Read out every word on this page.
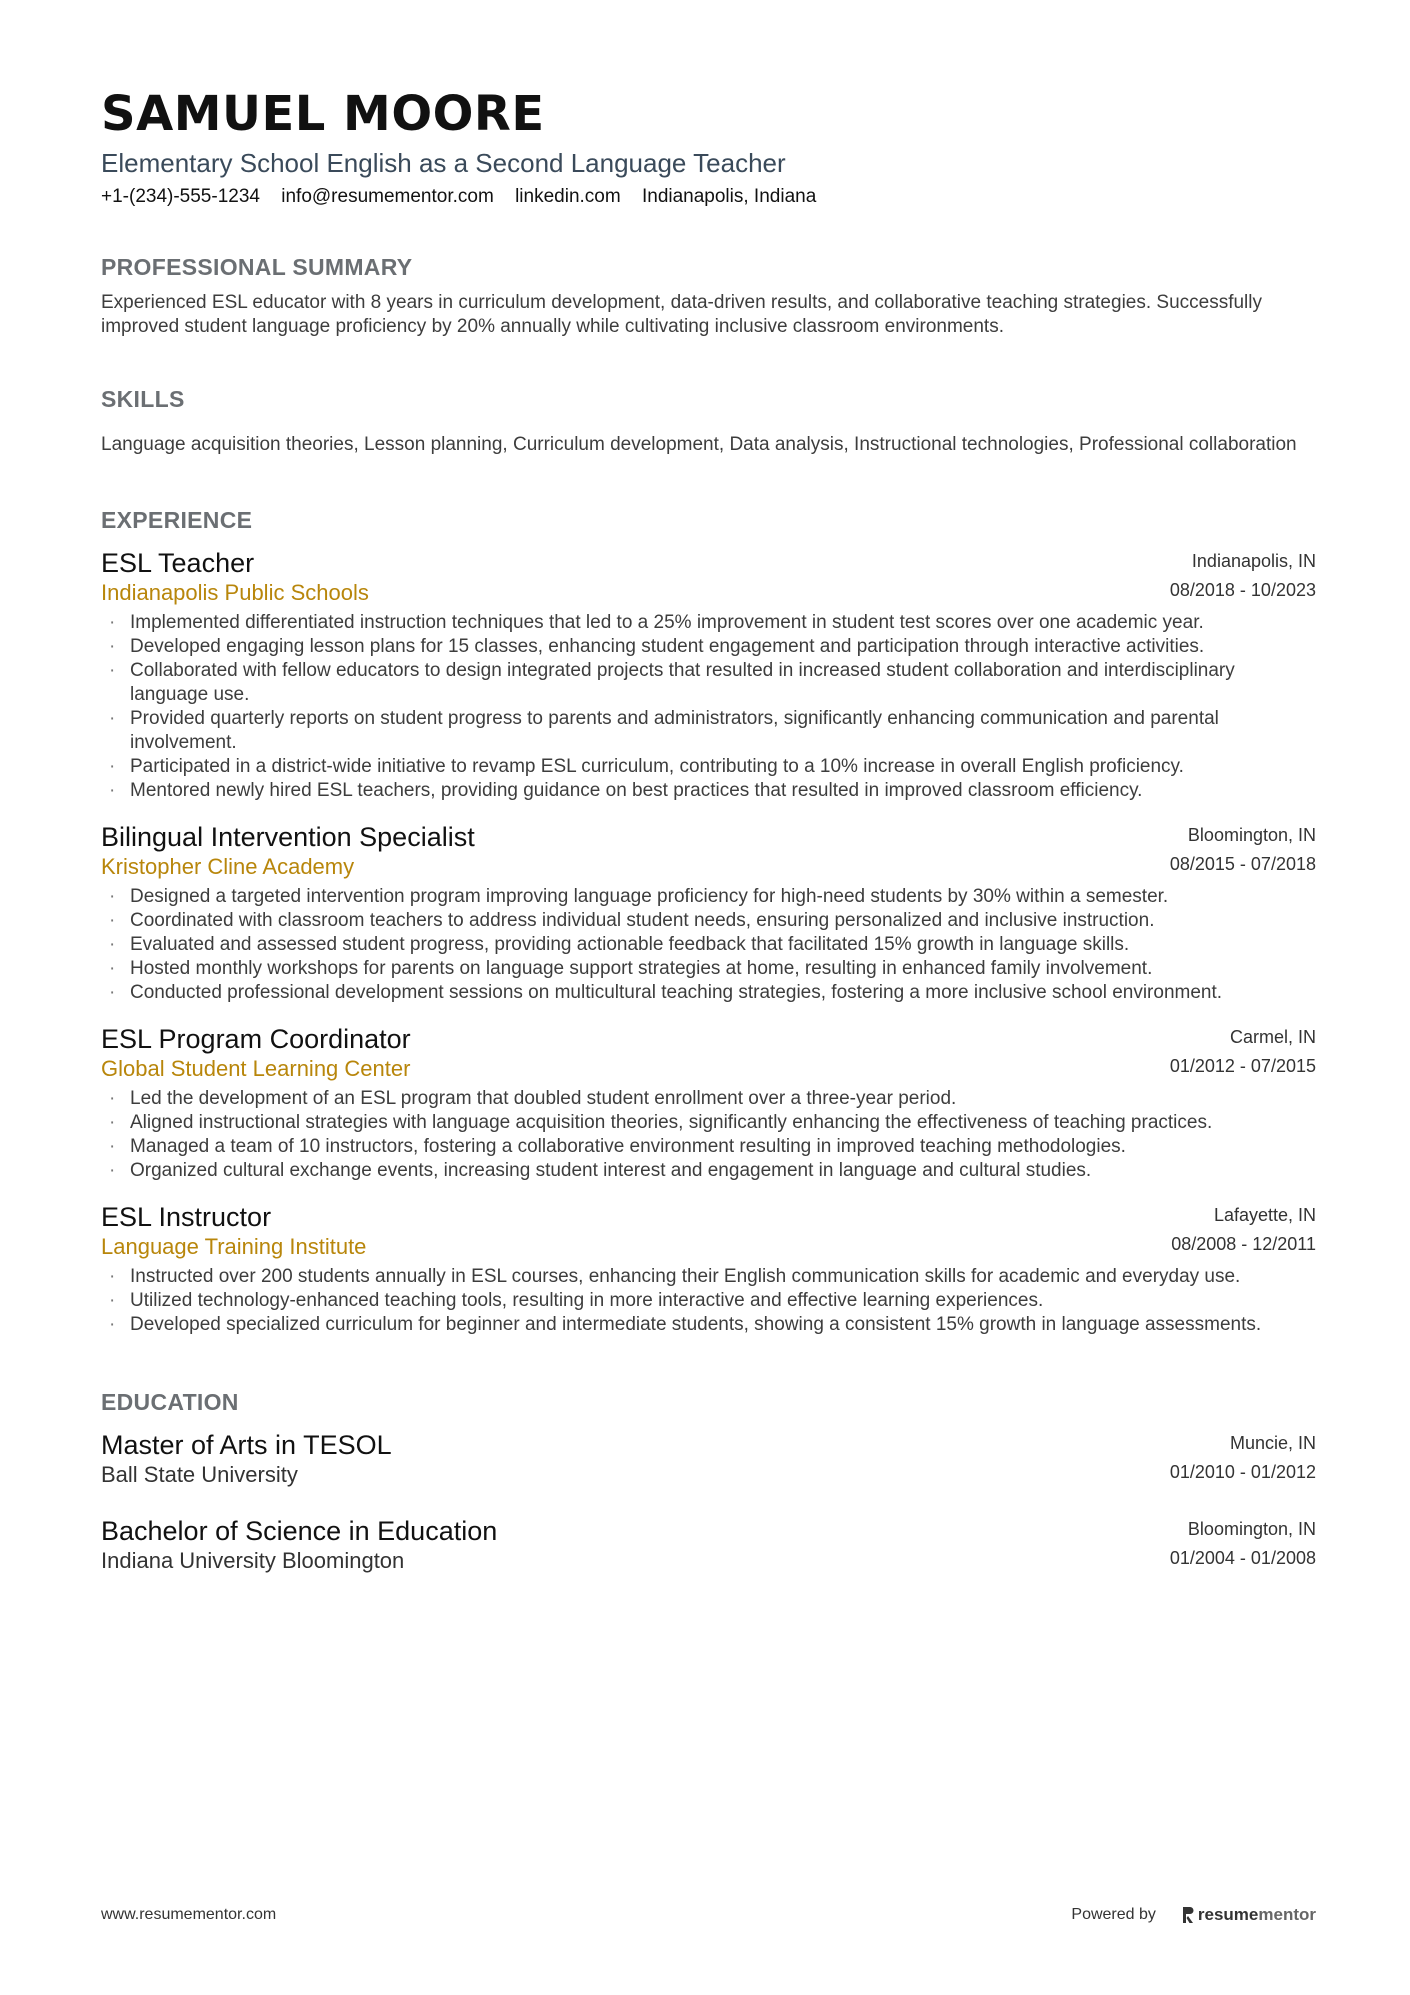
SAMUEL MOORE
Elementary School English as a Second Language Teacher
+1-(234)-555-1234 info@resumementor.com linkedin.com Indianapolis, Indiana
PROFESSIONAL SUMMARY
Experienced ESL educator with 8 years in curriculum development, data-driven results, and collaborative teaching strategies. Successfully improved student language proficiency by 20% annually while cultivating inclusive classroom environments.
SKILLS
Language acquisition theories, Lesson planning, Curriculum development, Data analysis, Instructional technologies, Professional collaboration
EXPERIENCE
ESL Teacher
Indianapolis Public Schools
Indianapolis, IN
08/2018 - 10/2023
· Implemented differentiated instruction techniques that led to a 25% improvement in student test scores over one academic year.
· Developed engaging lesson plans for 15 classes, enhancing student engagement and participation through interactive activities.
· Collaborated with fellow educators to design integrated projects that resulted in increased student collaboration and interdisciplinary language use.
· Provided quarterly reports on student progress to parents and administrators, significantly enhancing communication and parental involvement.
· Participated in a district-wide initiative to revamp ESL curriculum, contributing to a 10% increase in overall English proficiency.
· Mentored newly hired ESL teachers, providing guidance on best practices that resulted in improved classroom efficiency.
Bilingual Intervention Specialist
Kristopher Cline Academy
Bloomington, IN
08/2015 - 07/2018
· Designed a targeted intervention program improving language proficiency for high-need students by 30% within a semester.
· Coordinated with classroom teachers to address individual student needs, ensuring personalized and inclusive instruction.
· Evaluated and assessed student progress, providing actionable feedback that facilitated 15% growth in language skills.
· Hosted monthly workshops for parents on language support strategies at home, resulting in enhanced family involvement.
· Conducted professional development sessions on multicultural teaching strategies, fostering a more inclusive school environment.
ESL Program Coordinator
Global Student Learning Center
Carmel, IN
01/2012 - 07/2015
· Led the development of an ESL program that doubled student enrollment over a three-year period.
· Aligned instructional strategies with language acquisition theories, significantly enhancing the effectiveness of teaching practices.
· Managed a team of 10 instructors, fostering a collaborative environment resulting in improved teaching methodologies.
· Organized cultural exchange events, increasing student interest and engagement in language and cultural studies.
ESL Instructor
Language Training Institute
Lafayette, IN
08/2008 - 12/2011
· Instructed over 200 students annually in ESL courses, enhancing their English communication skills for academic and everyday use.
· Utilized technology-enhanced teaching tools, resulting in more interactive and effective learning experiences.
· Developed specialized curriculum for beginner and intermediate students, showing a consistent 15% growth in language assessments.
EDUCATION
Master of Arts in TESOL
Ball State University
Muncie, IN
01/2010 - 01/2012
Bachelor of Science in Education
Indiana University Bloomington
Bloomington, IN
01/2004 - 01/2008
www.resumementor.com	Powered by resume mentor
